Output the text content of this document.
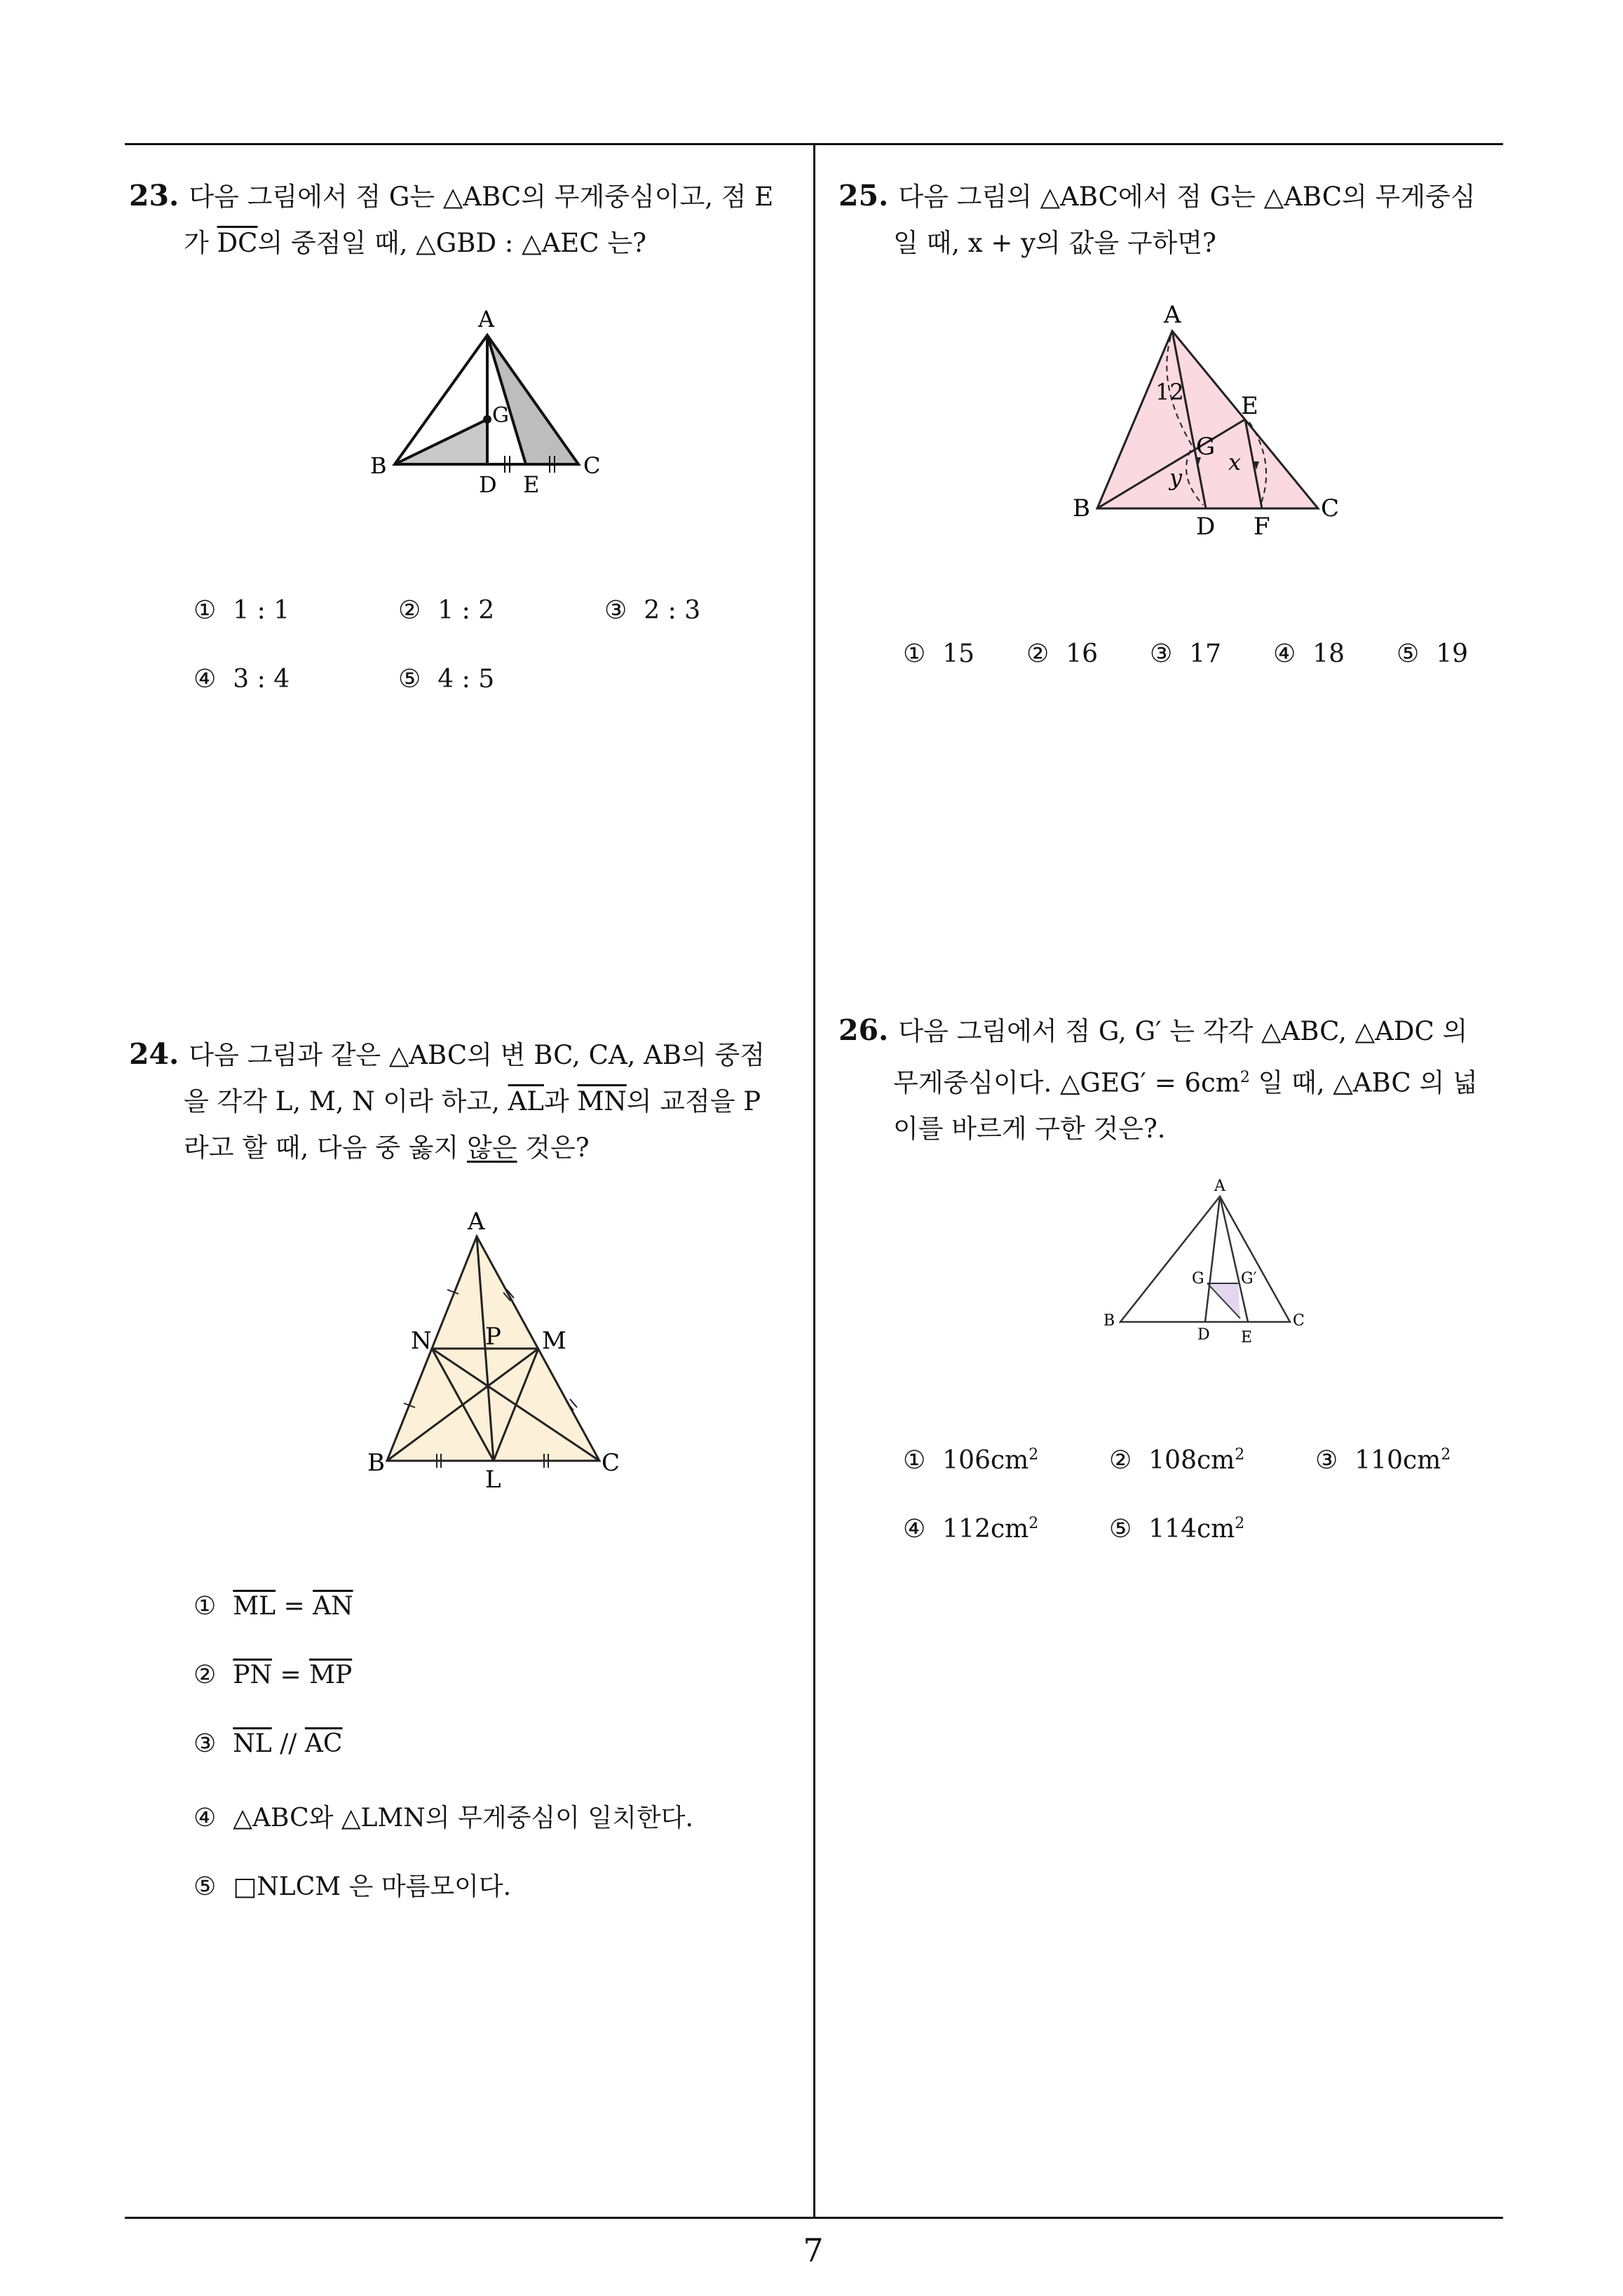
23. 다음 그림에서 점 G는 △ABC의 무게중심이고, 점 E
가 $\overline{DC}$의 중점일 때, △GBD : △AEC 는?
A
B	C
D E
G
① 1 : 1	② 1 : 2	③ 2 : 3
④ 3 : 4	⑤ 4 : 5
24. 다음 그림과 같은 △ABC의 변 BC, CA, AB의 중점
을 각각 L, M, N 이라 하고, $\overline{AL}$과 $\overline{MN}$의 교점을 P
라고 할 때, 다음 중 옳지 않은 것은?
A
B	C
L
M
N P
① $\overline{ML} = \overline{AN}$
② $\overline{PN} = \overline{MP}$
③ $\overline{NL} // \overline{AC}$
④ △ABC와 △LMN의 무게중심이 일치한다.
⑤ □NLCM 은 마름모이다.
25. 다음 그림의 △ABC에서 점 G는 △ABC의 무게중심
일 때, x + y의 값을 구하면?
A
B	C
D
E
F
G
12
x
y
① 15 ② 16 ③ 17 ④ 18 ⑤ 19
26. 다음 그림에서 점 G, G′ 는 각각 △ABC, △ADC 의
무게중심이다. △GEG′ = $6cm^2$ 일 때, △ABC 의 넓
이를 바르게 구한 것은?.
A
B	C
D E
G G′
① $106cm^2$	② $108cm^2$	③ $110cm^2$
④ $112cm^2$	⑤ $114cm^2$
7
